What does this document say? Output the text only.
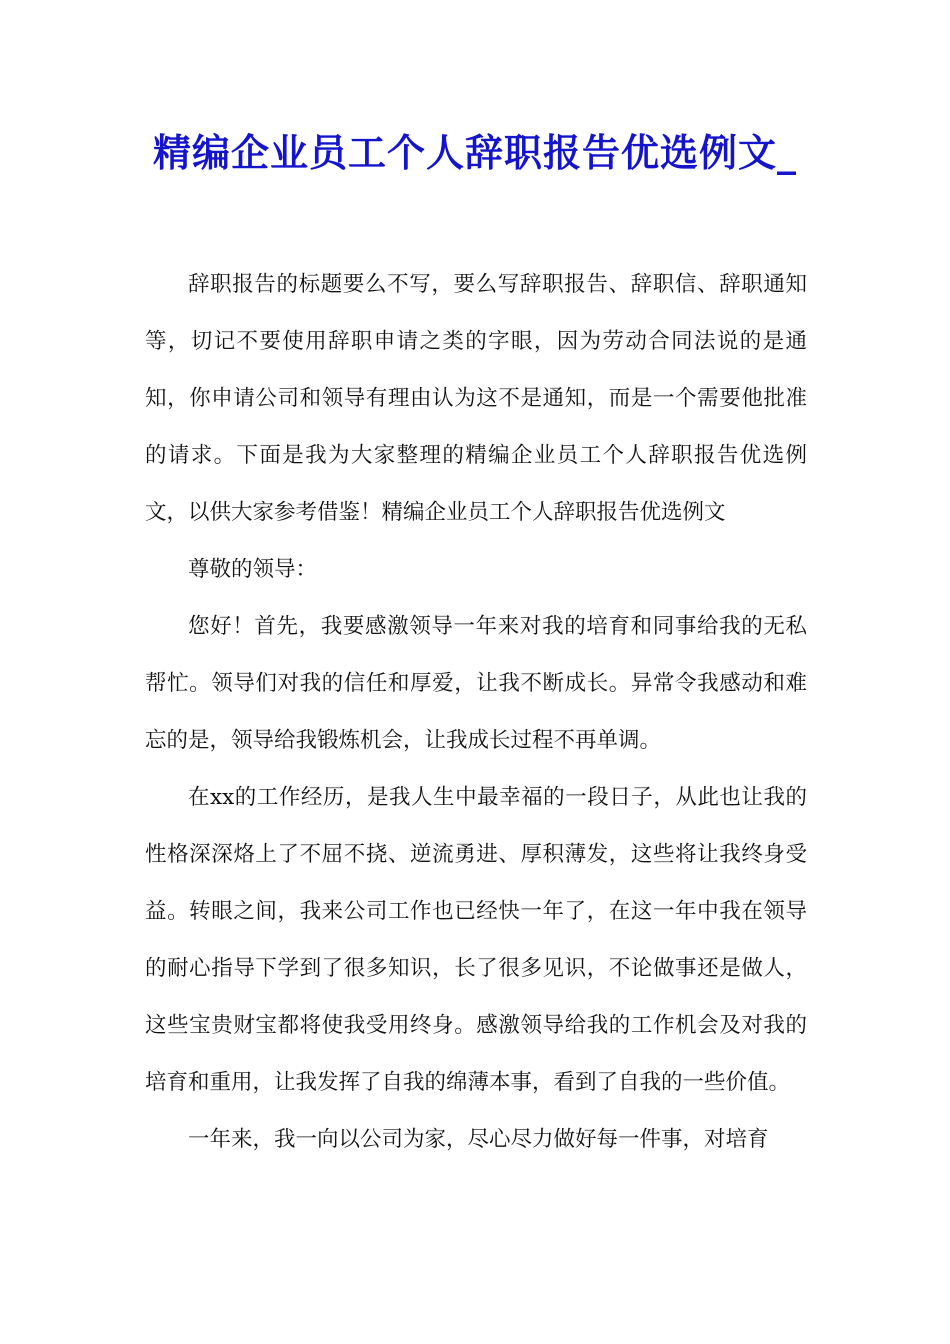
精编企业员工个人辞职报告优选例文_

辞职报告的标题要么不写，要么写辞职报告、辞职信、辞职通知等，切记不要使用辞职申请之类的字眼，因为劳动合同法说的是通知，你申请公司和领导有理由认为这不是通知，而是一个需要他批准的请求。下面是我为大家整理的精编企业员工个人辞职报告优选例文，以供大家参考借鉴！精编企业员工个人辞职报告优选例文

尊敬的领导：

您好！首先，我要感激领导一年来对我的培育和同事给我的无私帮忙。领导们对我的信任和厚爱，让我不断成长。异常令我感动和难忘的是，领导给我锻炼机会，让我成长过程不再单调。

在xx的工作经历，是我人生中最幸福的一段日子，从此也让我的性格深深烙上了不屈不挠、逆流勇进、厚积薄发，这些将让我终身受益。转眼之间，我来公司工作也已经快一年了，在这一年中我在领导的耐心指导下学到了很多知识，长了很多见识，不论做事还是做人，这些宝贵财宝都将使我受用终身。感激领导给我的工作机会及对我的培育和重用，让我发挥了自我的绵薄本事，看到了自我的一些价值。

一年来，我一向以公司为家，尽心尽力做好每一件事，对培育
